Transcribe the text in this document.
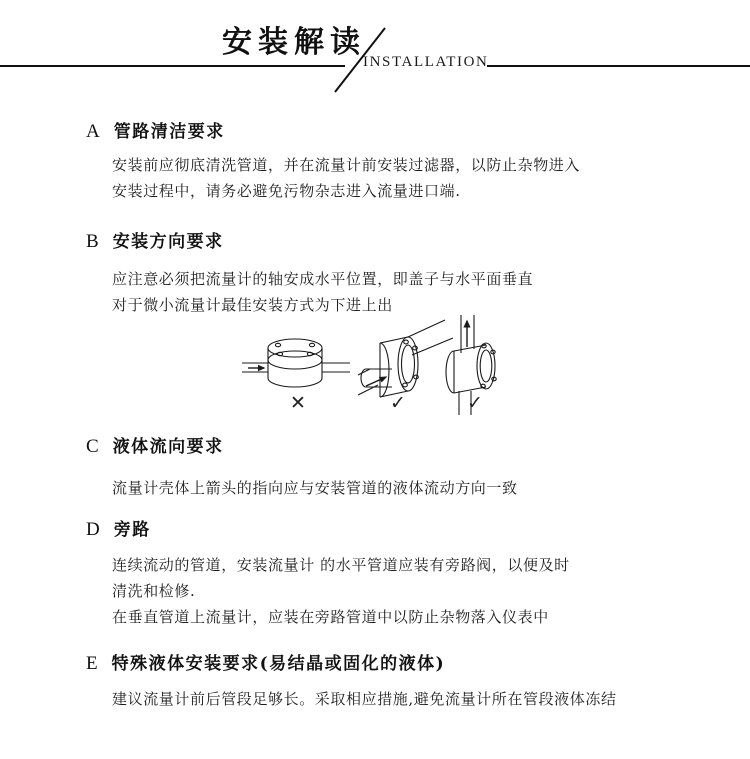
安装解读
INSTALLATION
A 管路清洁要求
安装前应彻底清洗管道，并在流量计前安装过滤器，以防止杂物进入
安装过程中，请务必避免污物杂志进入流量进口端.
B 安装方向要求
应注意必须把流量计的轴安成水平位置，即盖子与水平面垂直
对于微小流量计最佳安装方式为下进上出
✕	✓	✓
C 液体流向要求
流量计壳体上箭头的指向应与安装管道的液体流动方向一致
D 旁路
连续流动的管道，安装流量计 的水平管道应装有旁路阀，以便及时
清洗和检修.
在垂直管道上流量计，应装在旁路管道中以防止杂物落入仪表中
E 特殊液体安装要求(易结晶或固化的液体)
建议流量计前后管段足够长。采取相应措施,避免流量计所在管段液体冻结
